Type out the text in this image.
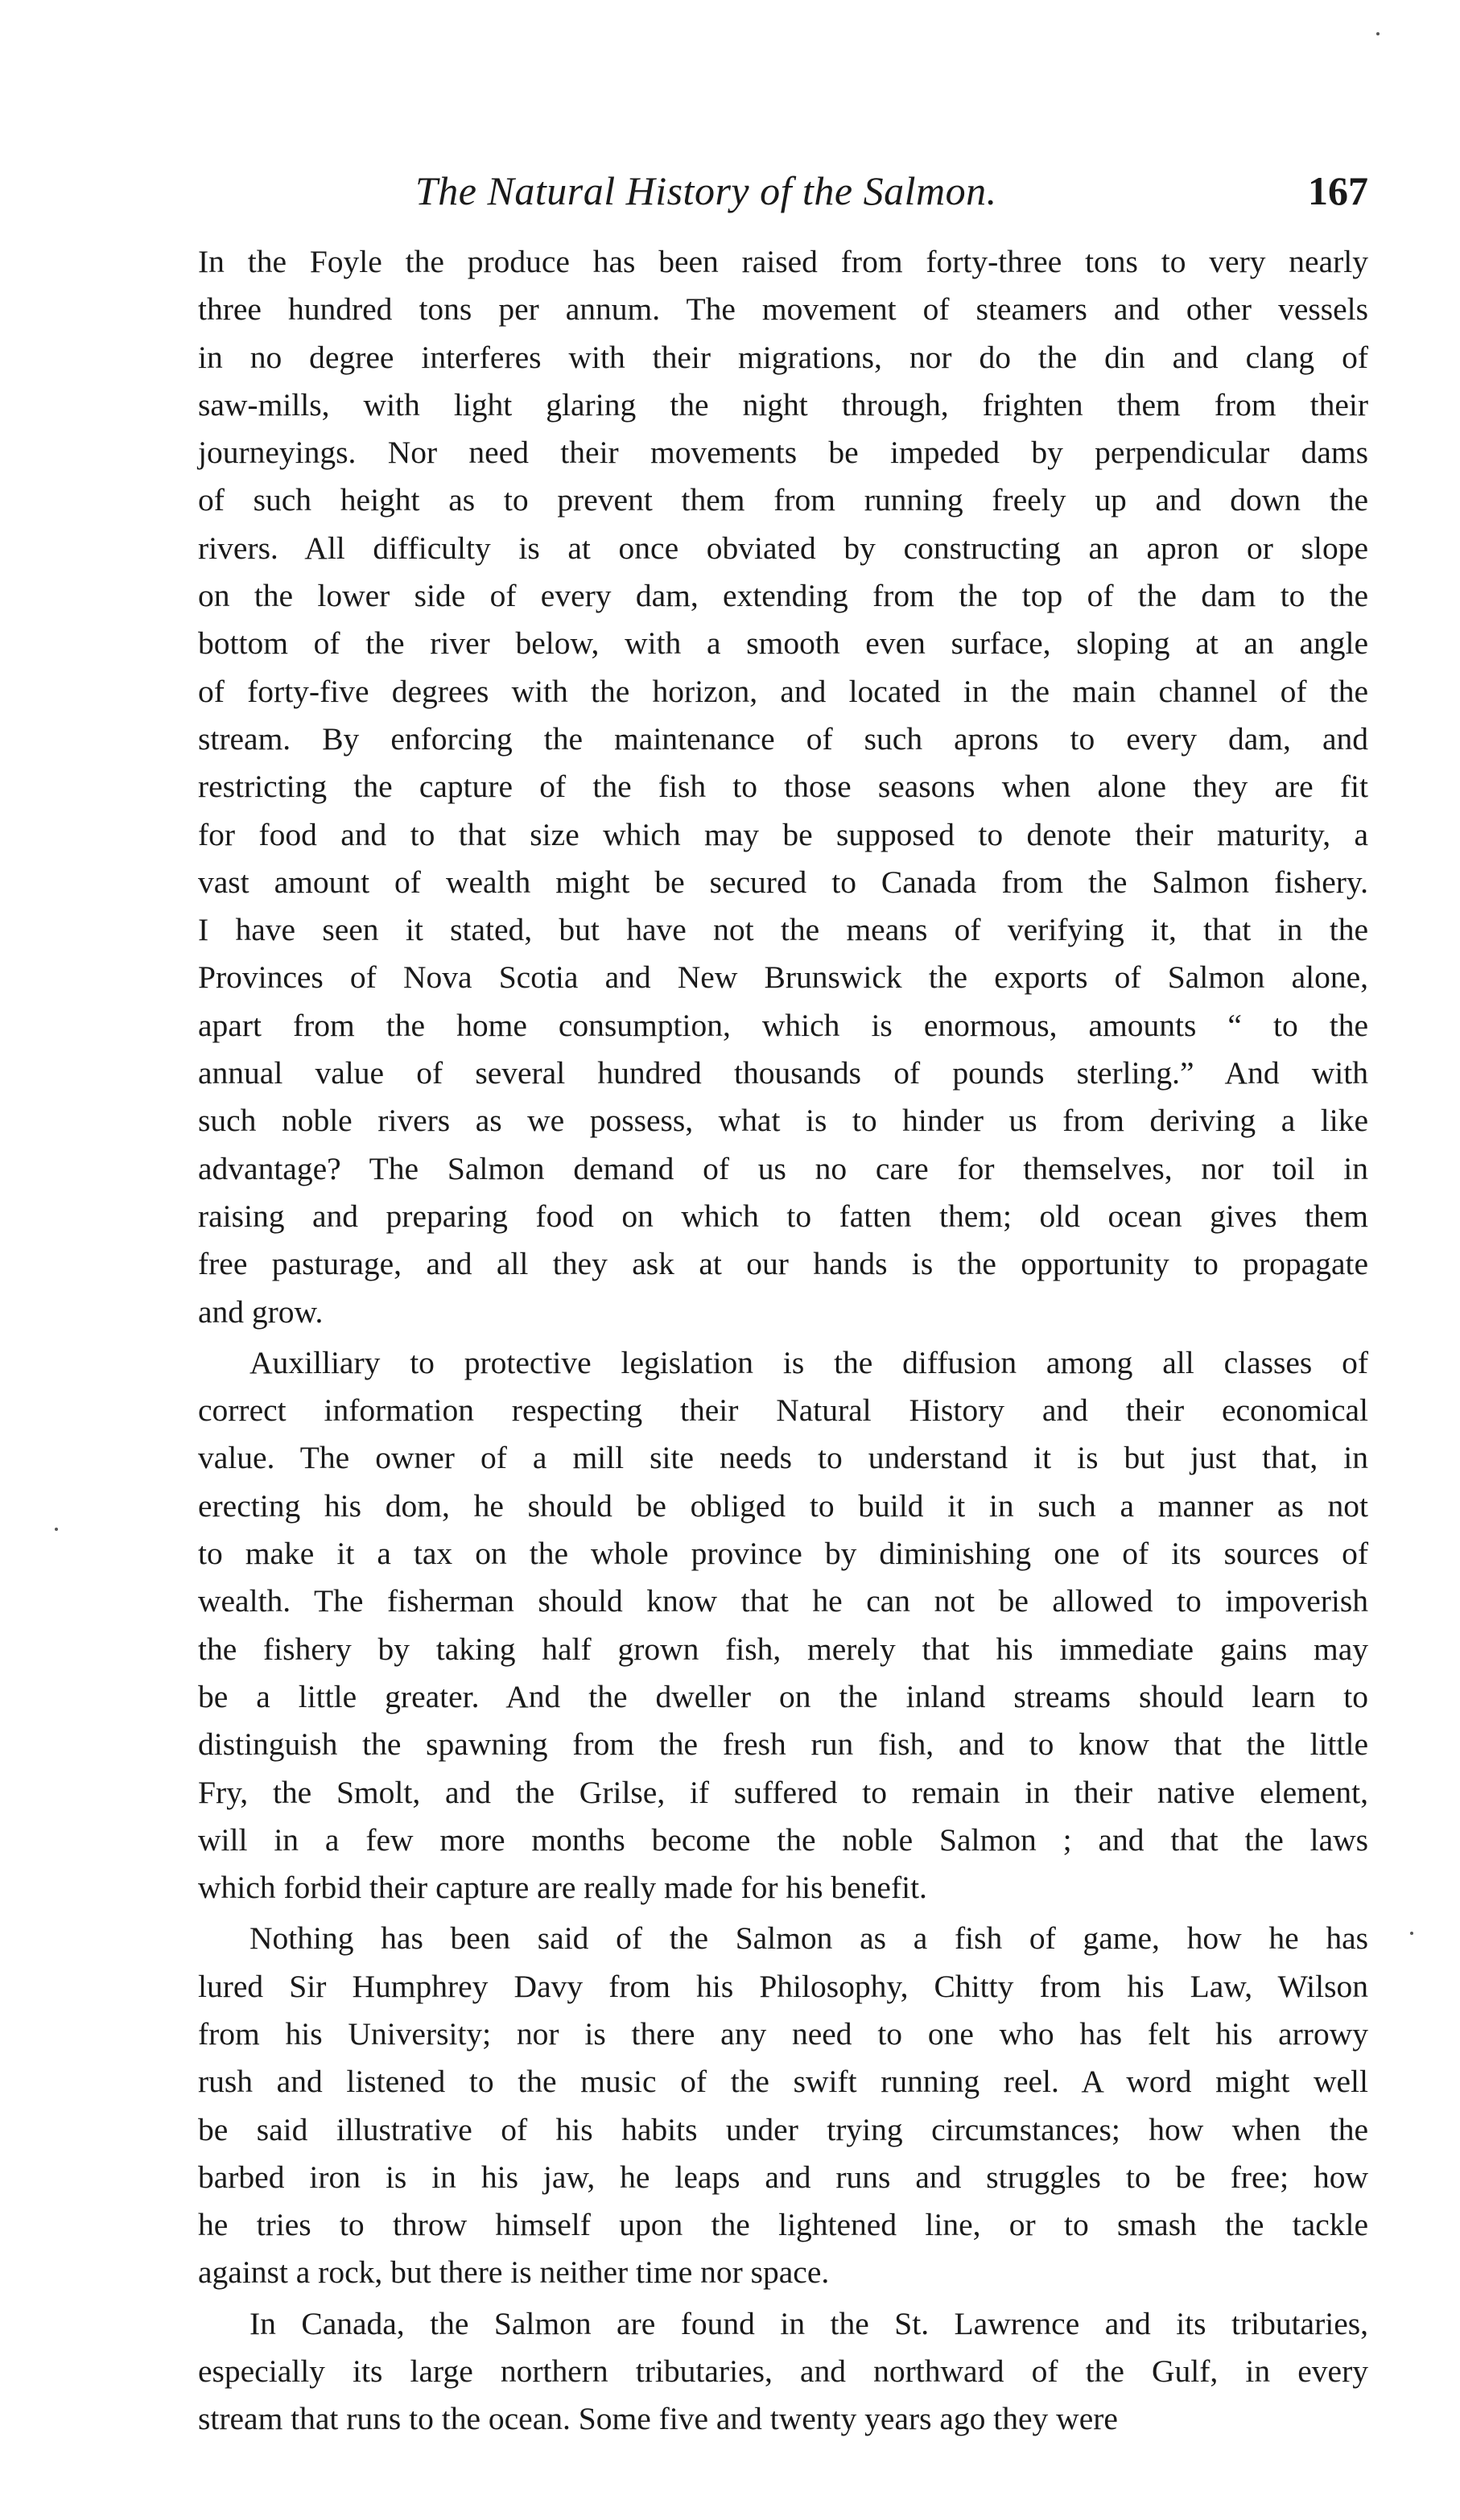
The Natural History of the Salmon.	167
In the Foyle the produce has been raised from forty-three tons to very nearly
three hundred tons per annum. The movement of steamers and other vessels
in no degree interferes with their migrations, nor do the din and clang of
saw-mills, with light glaring the night through, frighten them from their
journeyings. Nor need their movements be impeded by perpendicular dams
of such height as to prevent them from running freely up and down the
rivers. All difficulty is at once obviated by constructing an apron or slope
on the lower side of every dam, extending from the top of the dam to the
bottom of the river below, with a smooth even surface, sloping at an angle
of forty-five degrees with the horizon, and located in the main channel of the
stream. By enforcing the maintenance of such aprons to every dam, and
restricting the capture of the fish to those seasons when alone they are fit
for food and to that size which may be supposed to denote their maturity, a
vast amount of wealth might be secured to Canada from the Salmon fishery.
I have seen it stated, but have not the means of verifying it, that in the
Provinces of Nova Scotia and New Brunswick the exports of Salmon alone,
apart from the home consumption, which is enormous, amounts “ to the
annual value of several hundred thousands of pounds sterling.” And with
such noble rivers as we possess, what is to hinder us from deriving a like
advantage? The Salmon demand of us no care for themselves, nor toil in
raising and preparing food on which to fatten them; old ocean gives them
free pasturage, and all they ask at our hands is the opportunity to propagate
and grow.
Auxilliary to protective legislation is the diffusion among all classes of
correct information respecting their Natural History and their economical
value. The owner of a mill site needs to understand it is but just that, in
erecting his dom, he should be obliged to build it in such a manner as not
to make it a tax on the whole province by diminishing one of its sources of
wealth. The fisherman should know that he can not be allowed to impoverish
the fishery by taking half grown fish, merely that his immediate gains may
be a little greater. And the dweller on the inland streams should learn to
distinguish the spawning from the fresh run fish, and to know that the little
Fry, the Smolt, and the Grilse, if suffered to remain in their native element,
will in a few more months become the noble Salmon ; and that the laws
which forbid their capture are really made for his benefit.
Nothing has been said of the Salmon as a fish of game, how he has
lured Sir Humphrey Davy from his Philosophy, Chitty from his Law, Wilson
from his University; nor is there any need to one who has felt his arrowy
rush and listened to the music of the swift running reel. A word might well
be said illustrative of his habits under trying circumstances; how when the
barbed iron is in his jaw, he leaps and runs and struggles to be free; how
he tries to throw himself upon the lightened line, or to smash the tackle
against a rock, but there is neither time nor space.
In Canada, the Salmon are found in the St. Lawrence and its tributaries,
especially its large northern tributaries, and northward of the Gulf, in every
stream that runs to the ocean. Some five and twenty years ago they were
